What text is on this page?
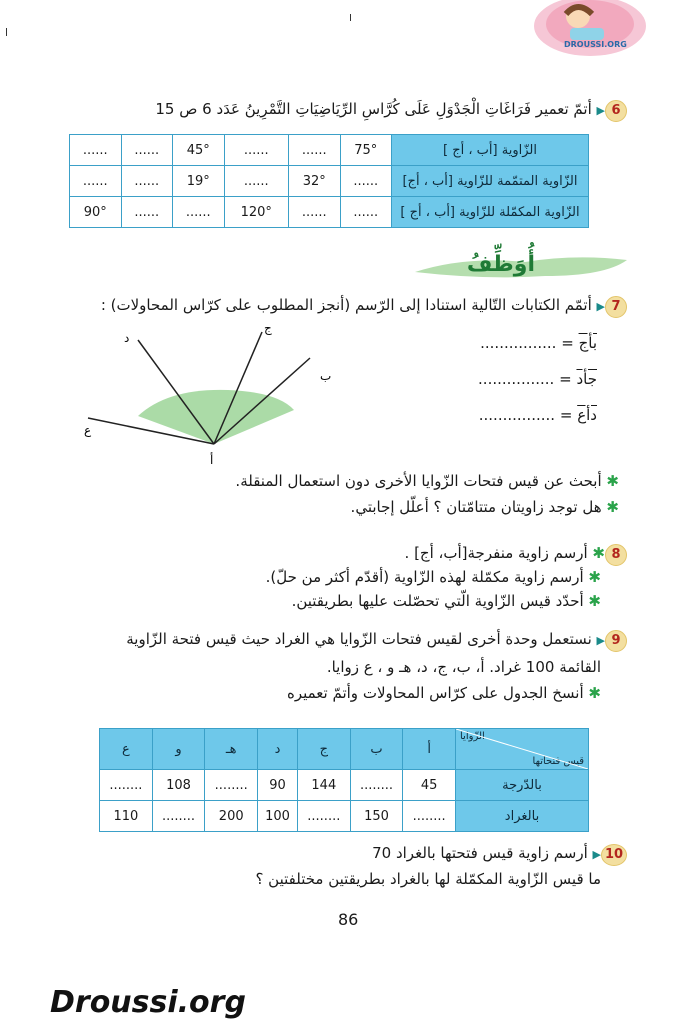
DROUSSI.ORG
6▶ أتمّ تعمير فَرَاغَاتِ الْجَدْوَلِ عَلَى كُرَّاسِ الرِّيَاضِيَاتِ التَّمْرِينُ عَدَد 6 ص 15
الزّاوية [أب ، أج ]	75°	......	......	45°	......	......
الزّاوية المتمّمة للزّاوية [أب ، أج]	......	32°	......	19°	......	......
الزّاوية المكمّلة للزّاوية [أب ، أج ]	......	......	120°	......	......	90°
أُوَظِّفُ
7▶ أتمّم الكتابات التّالية استنادا إلى الرّسم (أنجز المطلوب على كرّاس المحاولات) :
د
ج
ب
أ
ع
بأج = ................
جأد = ................
دأع = ................
✱ أبحث عن قيس فتحات الزّوايا الأخرى دون استعمال المنقلة.
✱ هل توجد زاويتان متتامّتان ؟ أعلّل إجابتي.
8✱ أرسم زاوية منفرجة[أب، أج] .
✱ أرسم زاوية مكمّلة لهذه الزّاوية (أقدّم أكثر من حلّ).
✱ أحدّد قيس الزّاوية الّتي تحصّلت عليها بطريقتين.
9▶ نستعمل وحدة أخرى لقيس فتحات الزّوايا هي الغراد حيث قيس فتحة الزّاوية
القائمة 100 غراد. أ، ب، ج، د، هـ و ، ع زوايا.
✱ أنسخ الجدول على كرّاس المحاولات وأتمّ تعميره
الزّوايا
قيس فتحاتها	أ	ب	ج	د	هـ	و	ع
بالدّرجة	45	........	144	90	........	108	........
بالغراد	........	150	........	100	200	........	110
10▶ أرسم زاوية قيس فتحتها بالغراد 70
ما قيس الزّاوية المكمّلة لها بالغراد بطريقتين مختلفتين ؟
86
Droussi.org
